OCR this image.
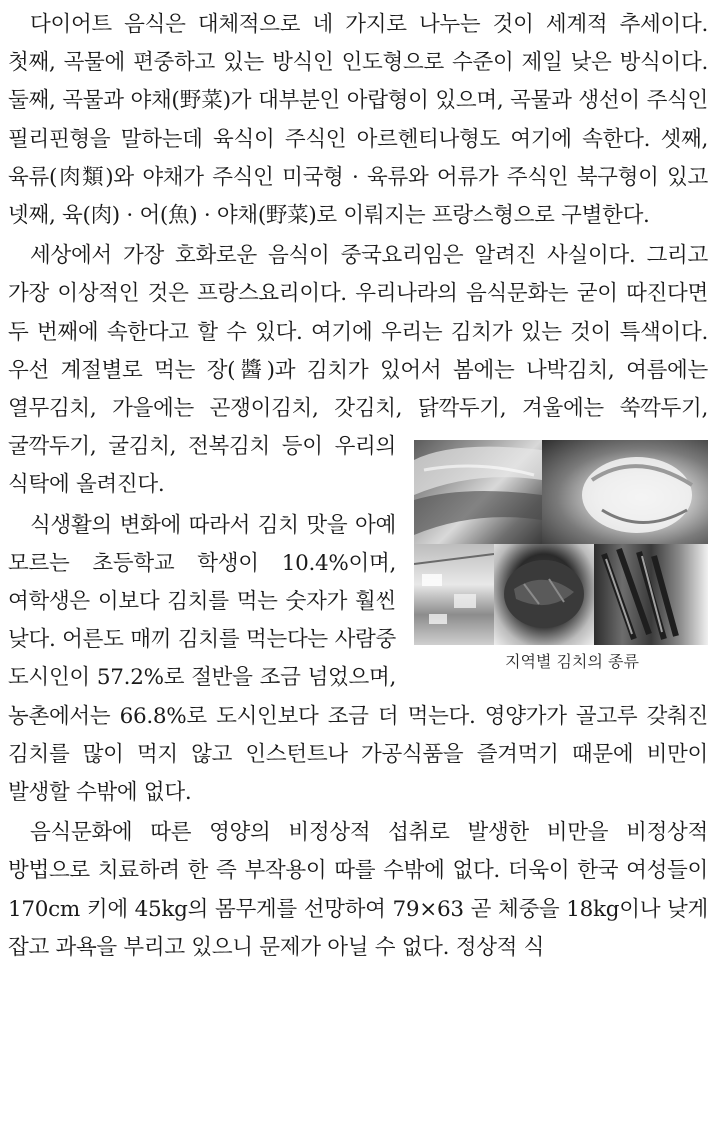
다이어트 음식은 대체적으로 네 가지로 나누는 것이 세계적 추세이다. 첫째, 곡물에 편중하고 있는 방식인 인도형으로 수준이 제일 낮은 방식이다. 둘째, 곡물과 야채(野菜)가 대부분인 아랍형이 있으며, 곡물과 생선이 주식인 필리핀형을 말하는데 육식이 주식인 아르헨티나형도 여기에 속한다. 셋째, 육류(肉類)와 야채가 주식인 미국형 · 육류와 어류가 주식인 북구형이 있고 넷째, 육(肉) · 어(魚) · 야채(野菜)로 이뤄지는 프랑스형으로 구별한다.

세상에서 가장 호화로운 음식이 중국요리임은 알려진 사실이다. 그리고 가장 이상적인 것은 프랑스요리이다. 우리나라의 음식문화는 굳이 따진다면 두 번째에 속한다고 할 수 있다. 여기에 우리는 김치가 있는 것이 특색이다. 우선 계절별로 먹는 장(醬)과 김치가 있어서 봄에는 나박김치, 여름에는 열무김치, 가을에는 곤쟁이김치, 갓김치, 닭깍두기,
지역별 김치의 종류
겨울에는 쑥깍두기, 굴깍두기, 굴김치, 전복김치 등이 우리의 식탁에 올려진다.

식생활의 변화에 따라서 김치 맛을 아예 모르는 초등학교 학생이 10.4%이며, 여학생은 이보다 김치를 먹는 숫자가 훨씬 낮다. 어른도 매끼 김치를 먹는다는 사람중 도시인이 57.2%로 절반을 조금 넘었으며, 농촌에서는 66.8%로 도시인보다 조금 더 먹는다. 영양가가 골고루 갖춰진 김치를 많이 먹지 않고 인스턴트나 가공식품을 즐겨먹기 때문에 비만이 발생할 수밖에 없다.

음식문화에 따른 영양의 비정상적 섭취로 발생한 비만을 비정상적 방법으로 치료하려 한 즉 부작용이 따를 수밖에 없다. 더욱이 한국 여성들이 170cm 키에 45kg의 몸무게를 선망하여 79×63 곧 체중을 18kg이나 낮게 잡고 과욕을 부리고 있으니 문제가 아닐 수 없다. 정상적 식
